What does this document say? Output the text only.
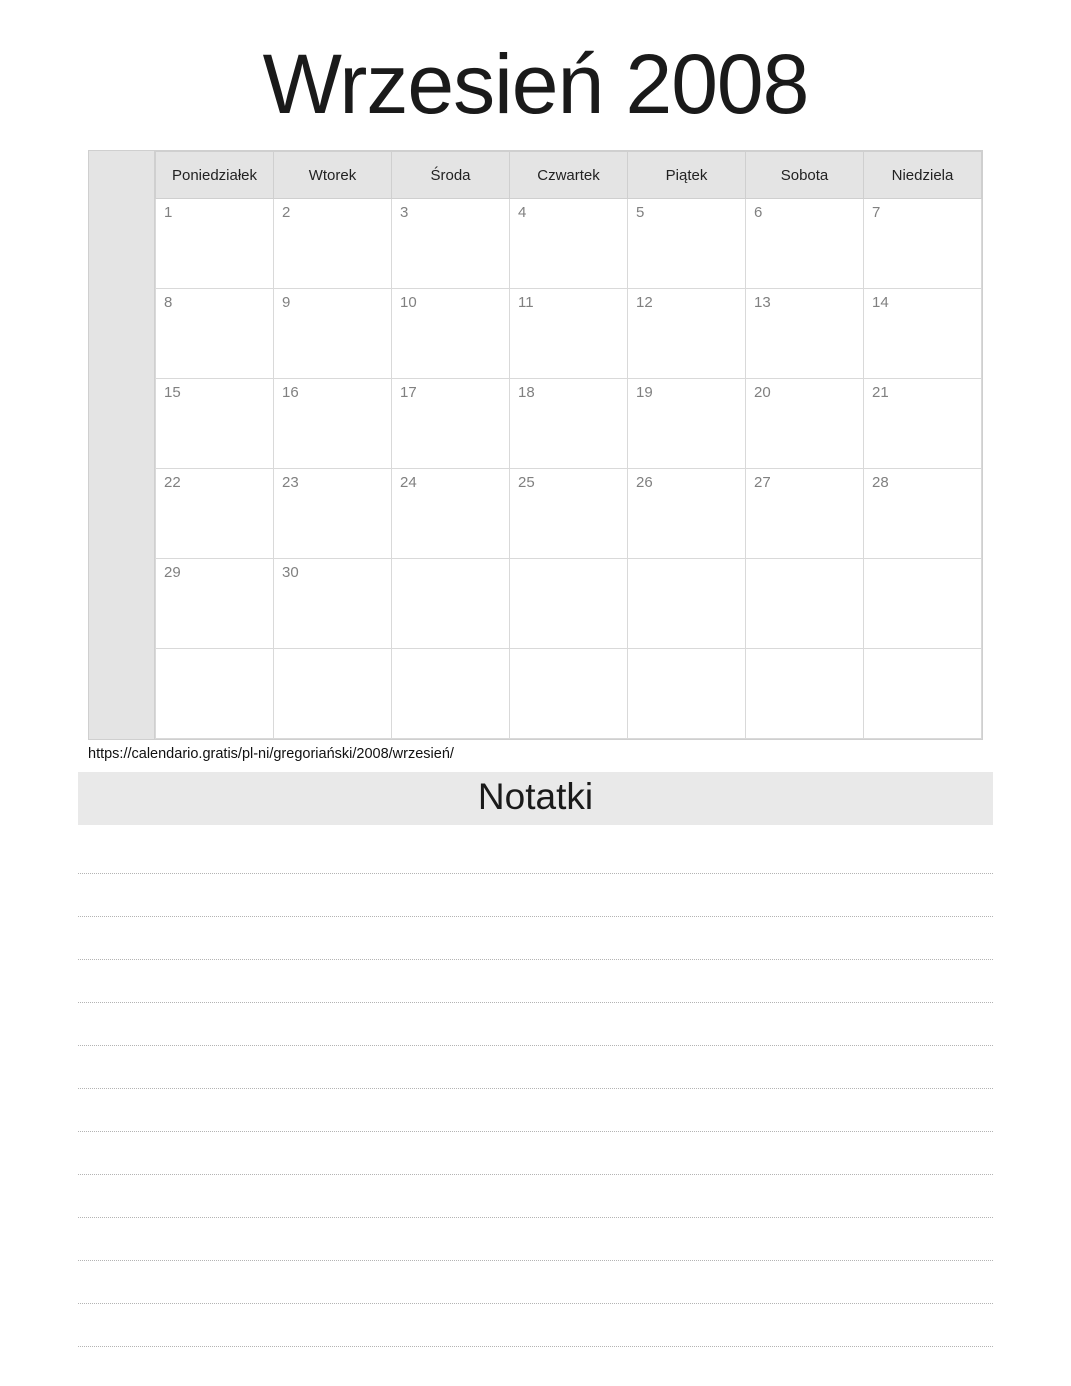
Wrzesień 2008
Poniedziałek	Wtorek	Środa	Czwartek	Piątek	Sobota	Niedziela
1	2	3	4	5	6	7
8	9	10	11	12	13	14
15	16	17	18	19	20	21
22	23	24	25	26	27	28
29	30					

https://calendario.gratis/pl-ni/gregoriański/2008/wrzesień/
Notatki
